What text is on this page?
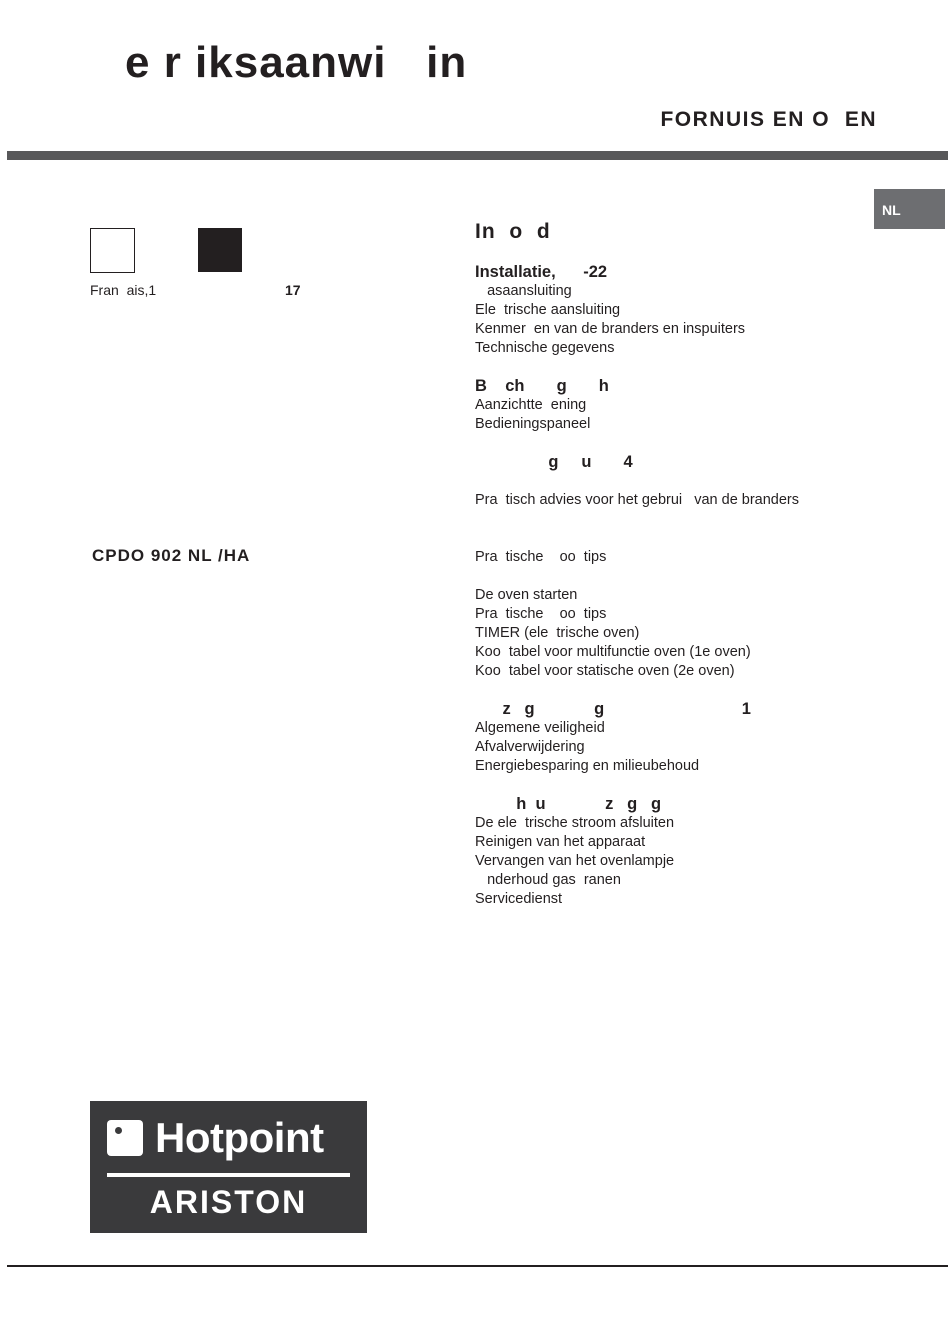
e r iksaanwi   in
FORNUIS EN O  EN
NL
Fran  ais,1	17
CPDO 902 NL /HA
In  o  d
Installatie,      -22
asaansluiting
Ele  trische aansluiting
Kenmer  en van de branders en inspuiters
Technische gegevens
B    ch       g       h
Aanzichtte  ening
Bedieningspaneel
g     u       4
Pra  tisch advies voor het gebrui   van de branders
Pra  tische    oo  tips
De oven starten
Pra  tische    oo  tips
TIMER (ele  trische oven)
Koo  tabel voor multifunctie oven (1e oven)
Koo  tabel voor statische oven (2e oven)
z   g             g                              1
Algemene veiligheid
Afvalverwijdering
Energiebesparing en milieubehoud
h  u             z   g   g
De ele  trische stroom afsluiten
Reinigen van het apparaat
Vervangen van het ovenlampje
nderhoud gas  ranen
Servicedienst
Hotpoint
ARISTON
